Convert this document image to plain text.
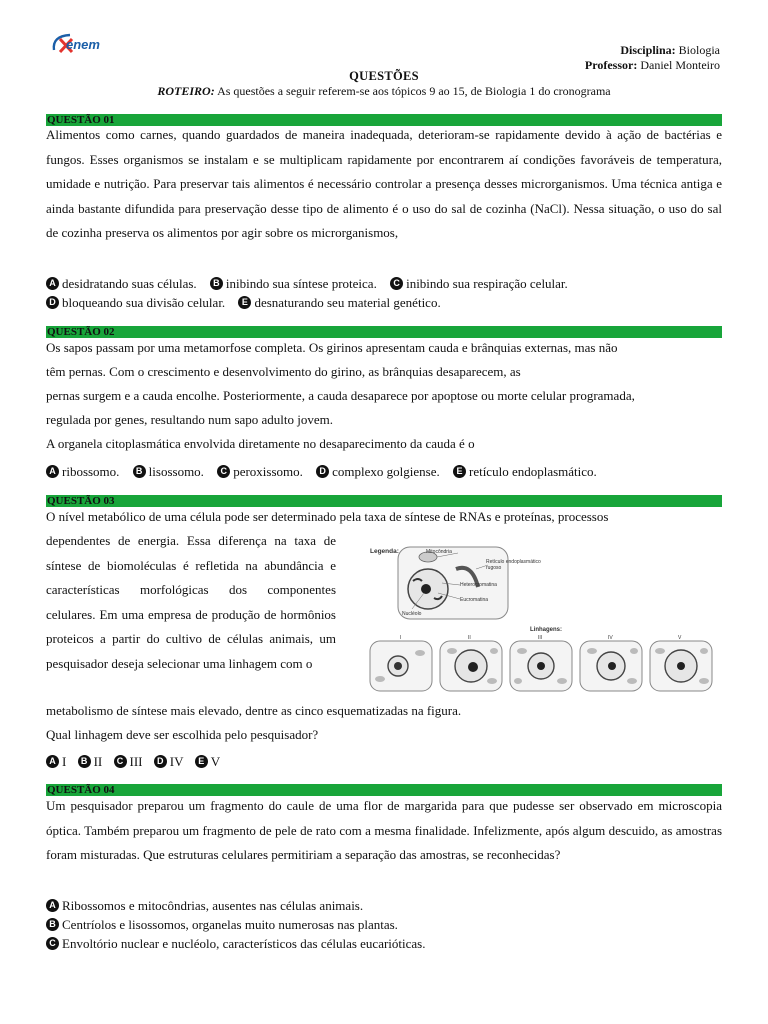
enem	Disciplina: Biologia
Professor: Daniel Monteiro
QUESTÕES
ROTEIRO: As questões a seguir referem-se aos tópicos 9 ao 15, de Biologia 1 do cronograma
QUESTÃO 01
Alimentos como carnes, quando guardados de maneira inadequada, deterioram-se rapidamente devido à ação de bactérias e fungos. Esses organismos se instalam e se multiplicam rapidamente por encontrarem aí condições favoráveis de temperatura, umidade e nutrição. Para preservar tais alimentos é necessário controlar a presença desses microrganismos. Uma técnica antiga e ainda bastante difundida para preservação desse tipo de alimento é o uso do sal de cozinha (NaCl). Nessa situação, o uso do sal de cozinha preserva os alimentos por agir sobre os microrganismos,
A desidratando suas células.
	B inibindo sua síntese proteica.
	C inibindo sua respiração celular.
D bloqueando sua divisão celular.
	E desnaturando seu material genético.
QUESTÃO 02
Os sapos passam por uma metamorfose completa. Os girinos apresentam cauda e brânquias externas, mas não
têm pernas. Com o crescimento e desenvolvimento do girino, as brânquias desaparecem, as
pernas surgem e a cauda encolhe. Posteriormente, a cauda desaparece por apoptose ou morte celular programada,
regulada por genes, resultando num sapo adulto jovem.
A organela citoplasmática envolvida diretamente no desaparecimento da cauda é o
A ribossomo.
	B lisossomo.
	C peroxissomo.
	D complexo golgiense.
	E retículo endoplasmático.
QUESTÃO 03
O nível metabólico de uma célula pode ser determinado pela taxa de síntese de RNAs e proteínas, processos
dependentes de energia. Essa diferença na taxa de síntese de biomoléculas é refletida na abundância e características morfológicas dos componentes celulares. Em uma empresa de produção de hormônios proteicos a partir do cultivo de células animais, um pesquisador deseja selecionar uma linhagem com o
metabolismo de síntese mais elevado, dentre as cinco esquematizadas na figura.
Qual linhagem deve ser escolhida pelo pesquisador?
Legenda:	Mitocôndria
Retículo endoplasmático rugoso
Heterocromatina
Eucromatina
Nucléolo
Linhagens:
I	II	III	IV	V
A I
	B II
	C III
	D IV
	E V
QUESTÃO 04
Um pesquisador preparou um fragmento do caule de uma flor de margarida para que pudesse ser observado em microscopia óptica. Também preparou um fragmento de pele de rato com a mesma finalidade. Infelizmente, após algum descuido, as amostras foram misturadas. Que estruturas celulares permitiriam a separação das amostras, se reconhecidas?
A Ribossomos e mitocôndrias, ausentes nas células animais.
B Centríolos e lisossomos, organelas muito numerosas nas plantas.
C Envoltório nuclear e nucléolo, característicos das células eucarióticas.
